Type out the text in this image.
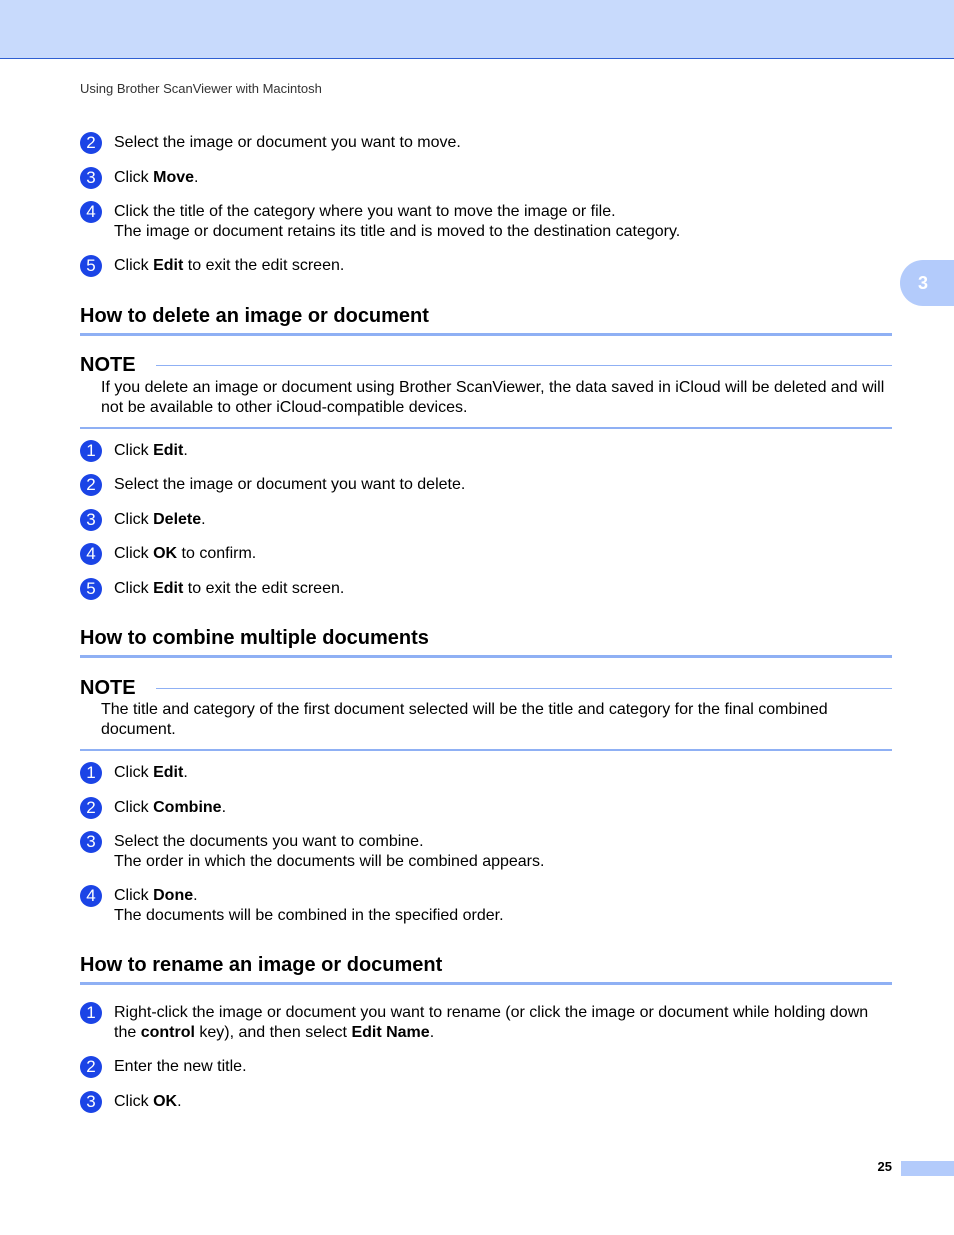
Using Brother ScanViewer with Macintosh
3
2	Select the image or document you want to move.
3	Click Move.
4	Click the title of the category where you want to move the image or file.
The image or document retains its title and is moved to the destination category.
5	Click Edit to exit the edit screen.
How to delete an image or document
NOTE
If you delete an image or document using Brother ScanViewer, the data saved in iCloud will be deleted and will not be available to other iCloud-compatible devices.
1	Click Edit.
2	Select the image or document you want to delete.
3	Click Delete.
4	Click OK to confirm.
5	Click Edit to exit the edit screen.
How to combine multiple documents
NOTE
The title and category of the first document selected will be the title and category for the final combined document.
1	Click Edit.
2	Click Combine.
3	Select the documents you want to combine.
The order in which the documents will be combined appears.
4	Click Done.
The documents will be combined in the specified order.
How to rename an image or document
1	Right-click the image or document you want to rename (or click the image or document while holding down the control key), and then select Edit Name.
2	Enter the new title.
3	Click OK.
25
